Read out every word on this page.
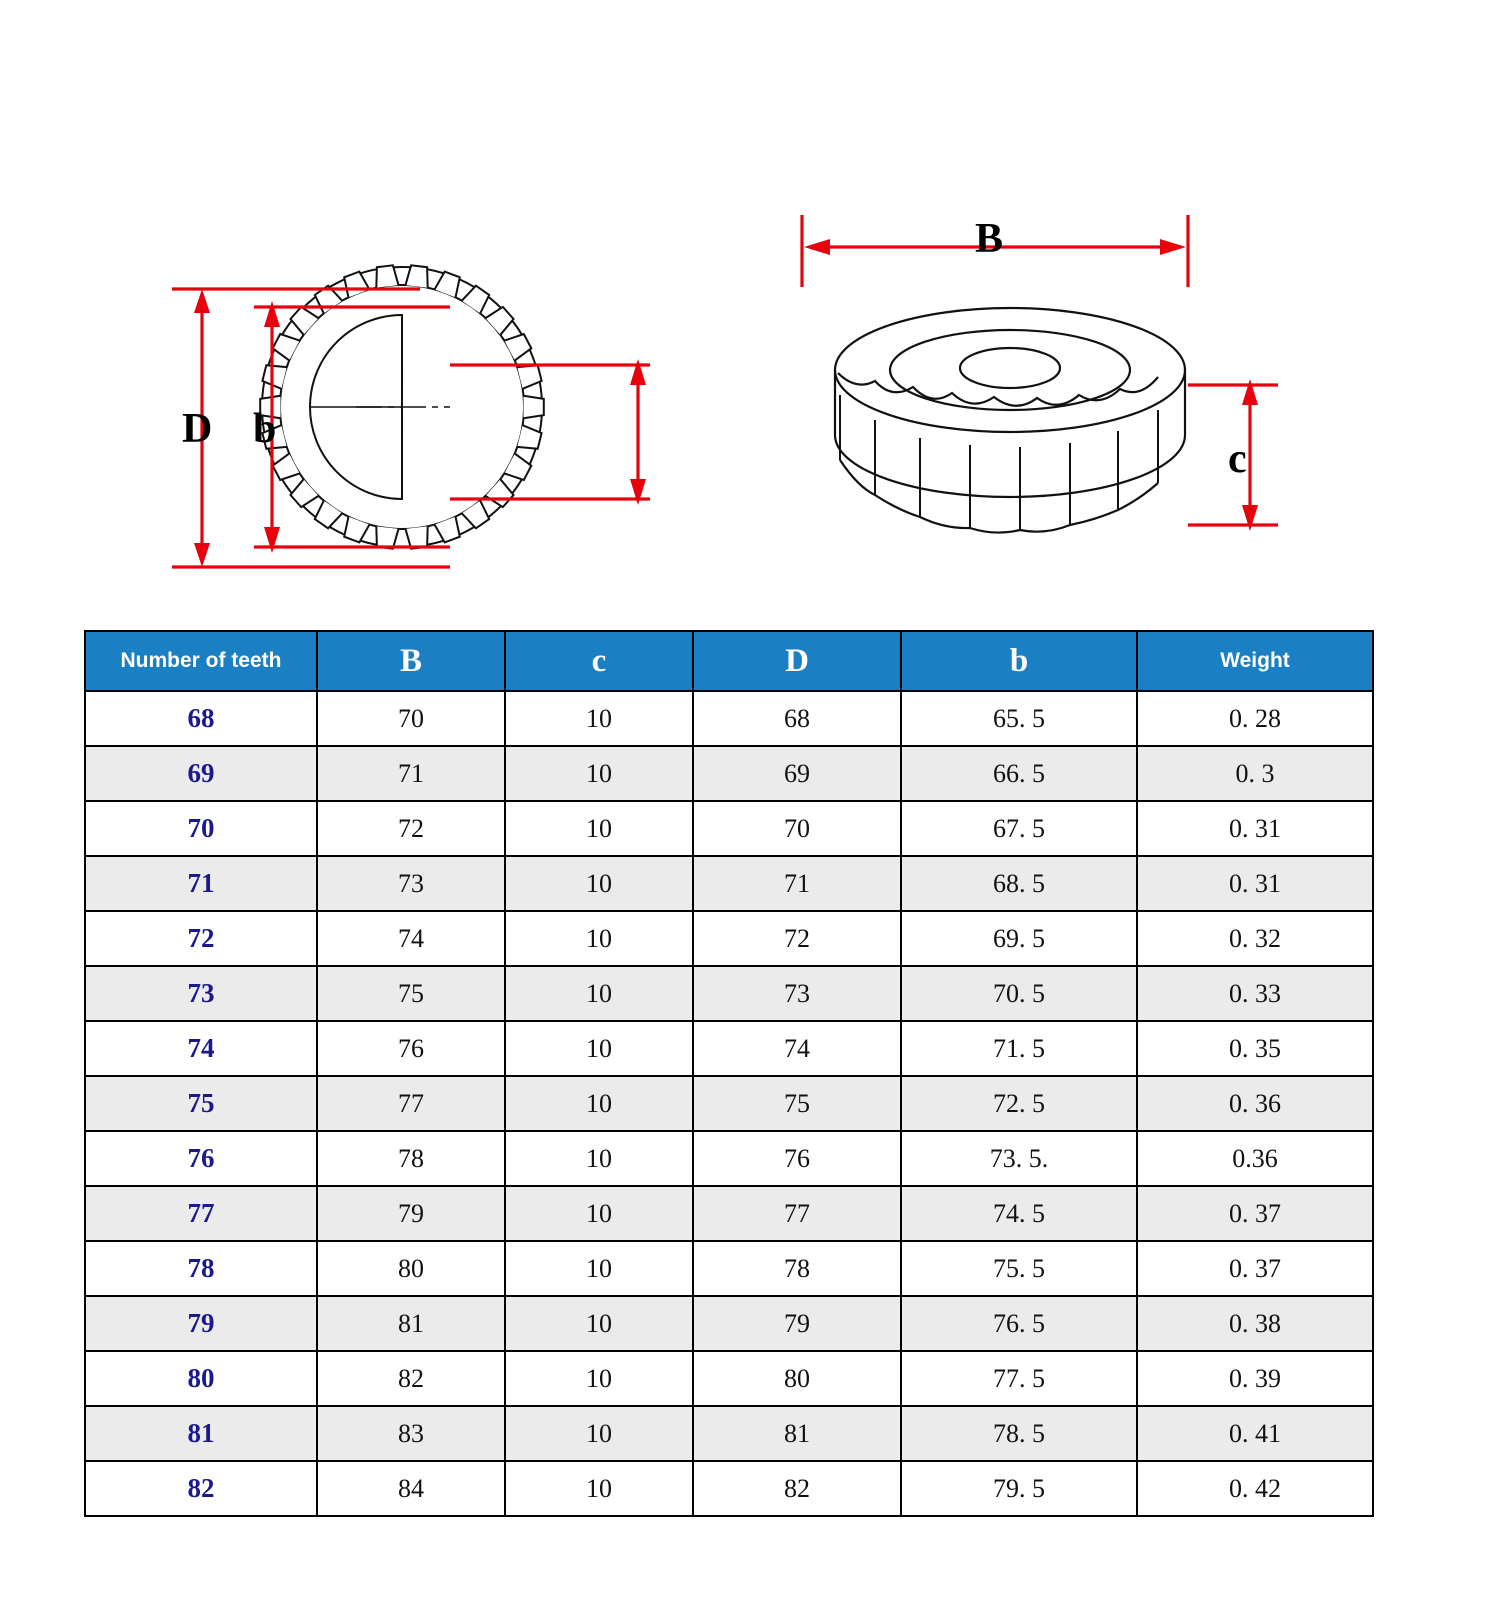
D b
B
c
Number of teeth	B	c	D	b	Weight
68	70	10	68	65. 5	0. 28
69	71	10	69	66. 5	0. 3
70	72	10	70	67. 5	0. 31
71	73	10	71	68. 5	0. 31
72	74	10	72	69. 5	0. 32
73	75	10	73	70. 5	0. 33
74	76	10	74	71. 5	0. 35
75	77	10	75	72. 5	0. 36
76	78	10	76	73. 5.	0.36
77	79	10	77	74. 5	0. 37
78	80	10	78	75. 5	0. 37
79	81	10	79	76. 5	0. 38
80	82	10	80	77. 5	0. 39
81	83	10	81	78. 5	0. 41
82	84	10	82	79. 5	0. 42
